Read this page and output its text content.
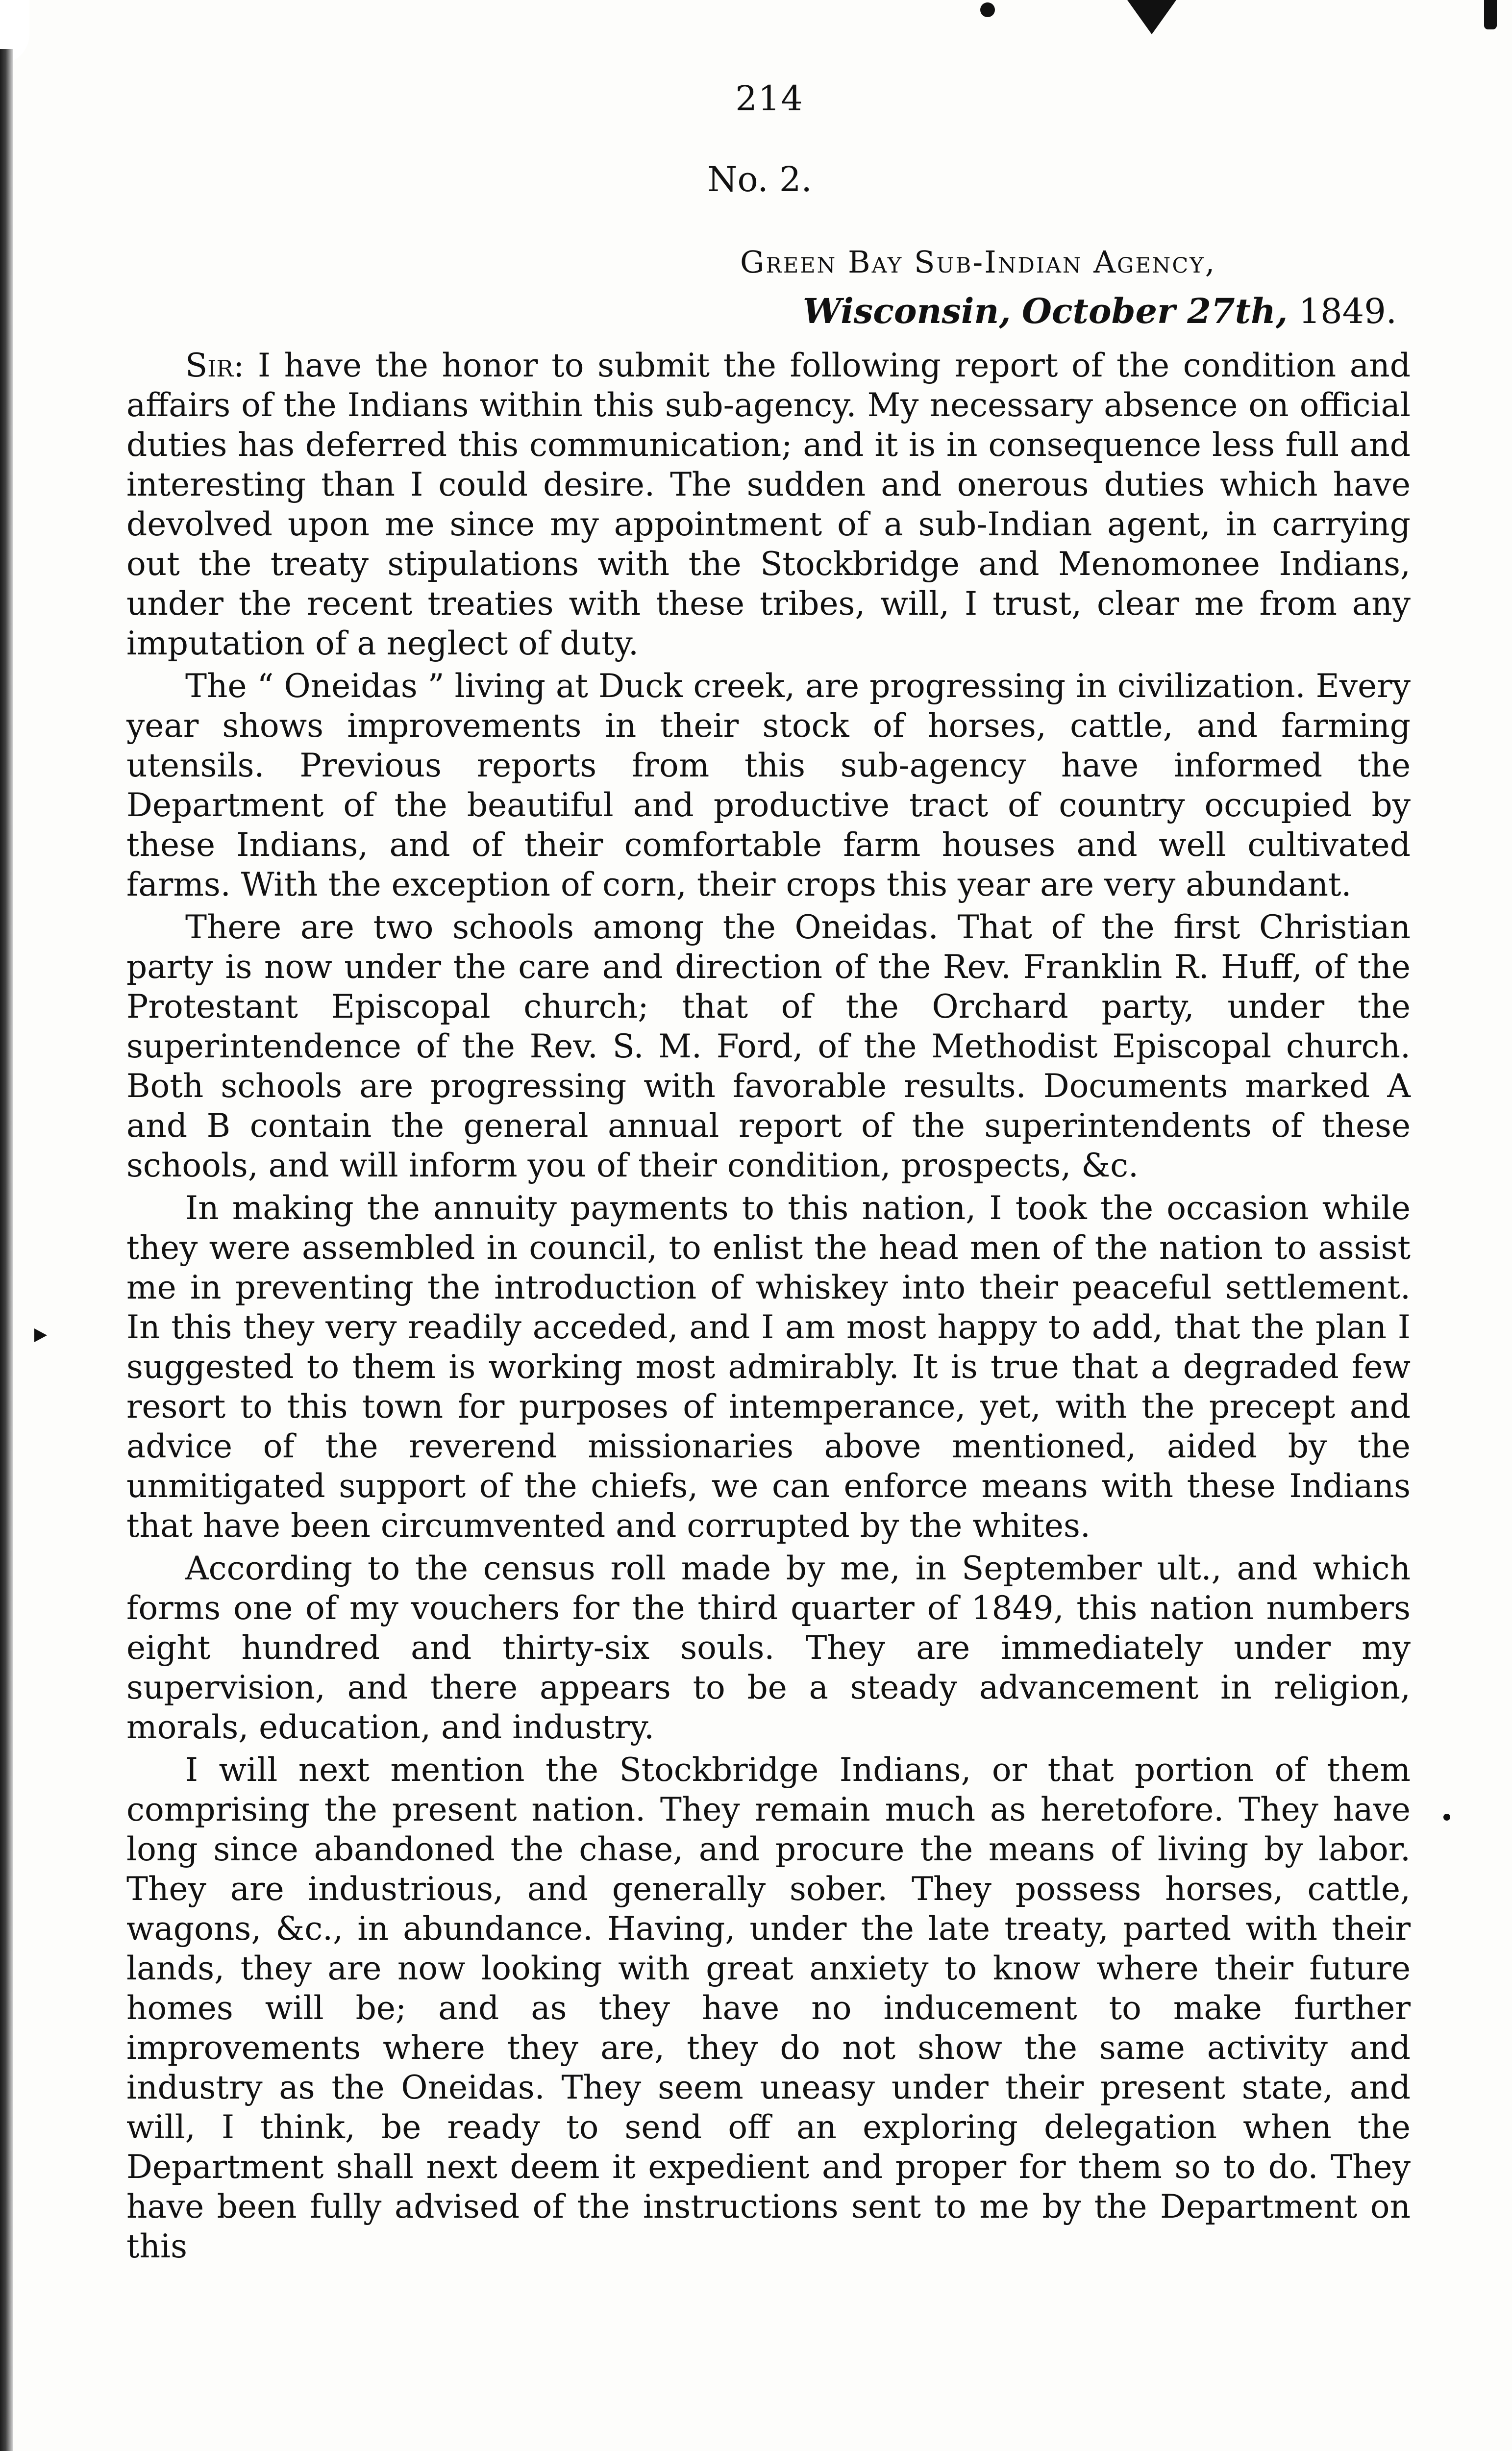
214
No. 2.
Green Bay Sub-Indian Agency,
Wisconsin, October 27th, 1849.

Sir: I have the honor to submit the following report of the condition and affairs of the Indians within this sub-agency. My necessary absence on official duties has deferred this communication; and it is in consequence less full and interesting than I could desire. The sudden and onerous duties which have devolved upon me since my appointment of a sub-Indian agent, in carrying out the treaty stipulations with the Stockbridge and Menomonee Indians, under the recent treaties with these tribes, will, I trust, clear me from any imputation of a neglect of duty.

The “ Oneidas ” living at Duck creek, are progressing in civilization. Every year shows improvements in their stock of horses, cattle, and farming utensils. Previous reports from this sub-agency have informed the Department of the beautiful and productive tract of country occupied by these Indians, and of their comfortable farm houses and well cultivated farms. With the exception of corn, their crops this year are very abundant.

There are two schools among the Oneidas. That of the first Christian party is now under the care and direction of the Rev. Franklin R. Huff, of the Protestant Episcopal church; that of the Orchard party, under the superintendence of the Rev. S. M. Ford, of the Methodist Episcopal church. Both schools are progressing with favorable results. Documents marked A and B contain the general annual report of the superintendents of these schools, and will inform you of their condition, prospects, &c.

In making the annuity payments to this nation, I took the occasion while they were assembled in council, to enlist the head men of the nation to assist me in preventing the introduction of whiskey into their peaceful settlement. In this they very readily acceded, and I am most happy to add, that the plan I suggested to them is working most admirably. It is true that a degraded few resort to this town for purposes of intemperance, yet, with the precept and advice of the reverend missionaries above mentioned, aided by the unmitigated support of the chiefs, we can enforce means with these Indians that have been circumvented and corrupted by the whites.

According to the census roll made by me, in September ult., and which forms one of my vouchers for the third quarter of 1849, this nation numbers eight hundred and thirty-six souls. They are immediately under my supervision, and there appears to be a steady advancement in religion, morals, education, and industry.

I will next mention the Stockbridge Indians, or that portion of them comprising the present nation. They remain much as heretofore. They have long since abandoned the chase, and procure the means of living by labor. They are industrious, and generally sober. They possess horses, cattle, wagons, &c., in abundance. Having, under the late treaty, parted with their lands, they are now looking with great anxiety to know where their future homes will be; and as they have no inducement to make further improvements where they are, they do not show the same activity and industry as the Oneidas. They seem uneasy under their present state, and will, I think, be ready to send off an exploring delegation when the Department shall next deem it expedient and proper for them so to do. They have been fully advised of the instructions sent to me by the Department on this
